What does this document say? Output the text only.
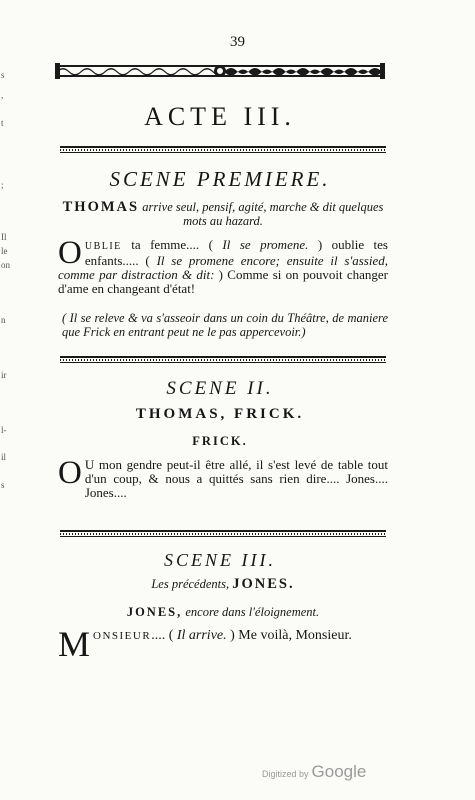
s
,
t
;
Il
le
on
n
ir
l-
il
s
39
ACTE III.
SCENE PREMIERE.
THOMAS arrive seul, pensif, agité, marche & dit quelques mots au hazard.
OUBLIE ta femme.... ( Il se promene. ) oublie tes enfants..... ( Il se promene encore; ensuite il s'assied, comme par distraction & dit: ) Comme si on pouvoit changer d'ame en changeant d'état!
( Il se releve & va s'asseoir dans un coin du Théâtre, de maniere que Frick en entrant peut ne le pas appercevoir.)
SCENE II.
THOMAS, FRICK.
FRICK.
O U mon gendre peut-il être allé, il s'est levé de table tout d'un coup, & nous a quittés sans rien dire.... Jones.... Jones....
SCENE III.
Les précédents, JONES.
JONES, encore dans l'éloignement.
MONSIEUR.... ( Il arrive. ) Me voilà, Monsieur.
Digitized by Google
